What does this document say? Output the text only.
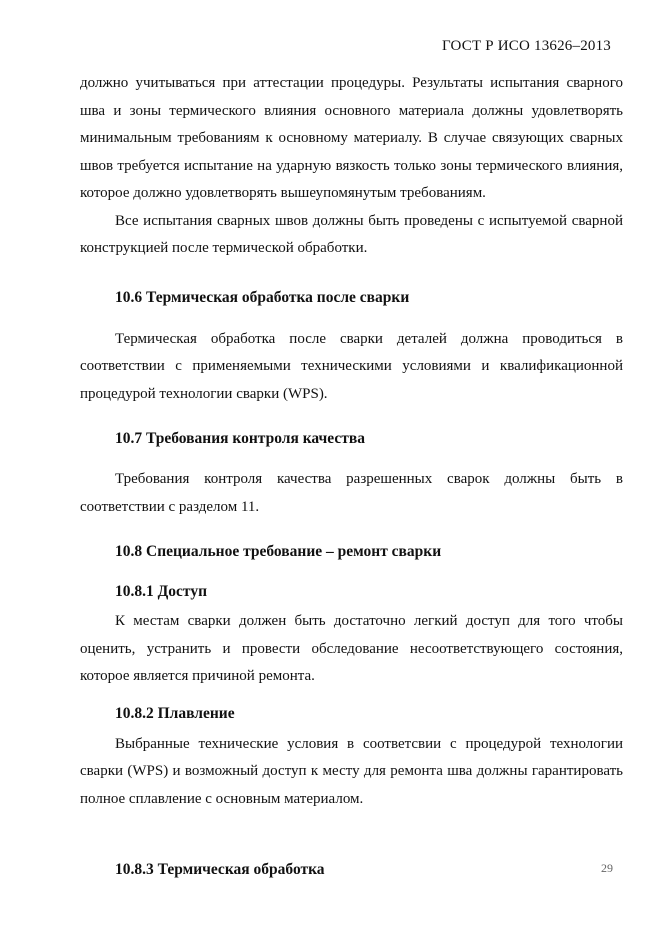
ГОСТ Р ИСО 13626–2013

должно учитываться при аттестации процедуры. Результаты испытания сварного шва и зоны термического влияния основного материала должны удовлетворять минимальным требованиям к основному материалу. В случае связующих сварных швов требуется испытание на ударную вязкость только зоны термического влияния, которое должно удовлетворять вышеупомянутым требованиям.

Все испытания сварных швов должны быть проведены с испытуемой сварной конструкцией после термической обработки.

10.6 Термическая обработка после сварки

Термическая обработка после сварки деталей должна проводиться в соответствии с применяемыми техническими условиями и квалификационной процедурой технологии сварки (WPS).

10.7 Требования контроля качества

Требования контроля качества разрешенных сварок должны быть в соответствии с разделом 11.

10.8 Специальное требование – ремонт сварки
10.8.1 Доступ

К местам сварки должен быть достаточно легкий доступ для того чтобы оценить, устранить и провести обследование несоответствующего состояния, которое является причиной ремонта.

10.8.2 Плавление

Выбранные технические условия в соответсвии с процедурой технологии сварки (WPS) и возможный доступ к месту для ремонта шва должны гарантировать полное сплавление с основным материалом.

10.8.3 Термическая обработка	29
